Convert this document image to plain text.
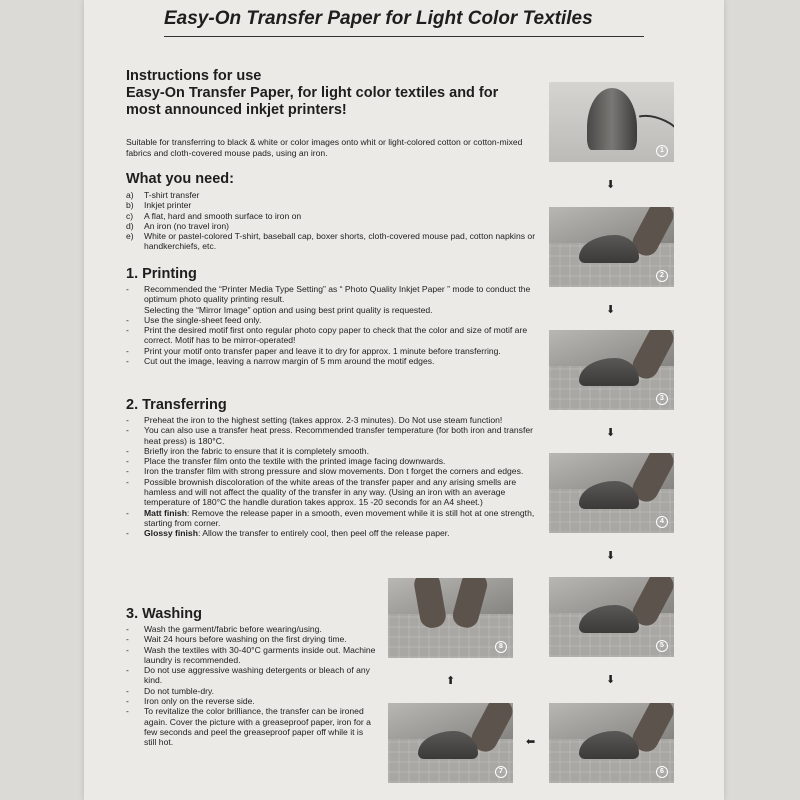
Easy-On Transfer Paper for Light Color Textiles
Instructions for use
Easy-On Transfer Paper, for light color textiles and for
most announced inkjet printers!
Suitable for transferring to black & white or color images onto whit or light-colored cotton or cotton-mixed fabrics and cloth-covered mouse pads, using an iron.
What you need:
a) T-shirt transfer
b) Inkjet printer
c) A flat, hard and smooth surface to iron on
d) An iron (no travel iron)
e) White or pastel-colored T-shirt, baseball cap, boxer shorts, cloth-covered mouse pad, cotton napkins or handkerchiefs, etc.
1. Printing
- Recommended the “Printer Media Type Setting” as “ Photo Quality Inkjet Paper ” mode to conduct the optimum photo quality printing result.
Selecting the “Mirror Image” option and using best print quality is requested.
- Use the single-sheet feed only.
- Print the desired motif first onto regular photo copy paper to check that the color and size of motif are correct. Motif has to be mirror-operated!
- Print your motif onto transfer paper and leave it to dry for approx. 1 minute before transferring.
- Cut out the image, leaving a narrow margin of 5 mm around the motif edges.
2. Transferring
- Preheat the iron to the highest setting (takes approx. 2-3 minutes). Do Not use steam function!
- You can also use a transfer heat press. Recommended transfer temperature (for both iron and transfer heat press) is 180°C.
- Briefly iron the fabric to ensure that it is completely smooth.
- Place the transfer film onto the textile with the printed image facing downwards.
- Iron the transfer film with strong pressure and slow movements. Don t forget the corners and edges.
- Possible brownish discoloration of the white areas of the transfer paper and any arising smells are hamless and will not affect the quality of the transfer in any way. (Using an iron with an average temperature of 180°C the handle duration takes approx. 15 -20 seconds for an A4 sheet.)
- Matt finish: Remove the release paper in a smooth, even movement while it is still hot at one strength, starting from corner.
- Glossy finish: Allow the transfer to entirely cool, then peel off the release paper.
3. Washing
- Wash the garment/fabric before wearing/using.
- Wait 24 hours before washing on the first drying time.
- Wash the textiles with 30-40°C garments inside out. Machine laundry is recommended.
- Do not use aggressive washing detergents or bleach of any kind.
- Do not tumble-dry.
- Iron only on the reverse side.
- To revitalize the color brilliance, the transfer can be ironed again. Cover the picture with a greaseproof paper, iron for a few seconds and peel the greaseproof paper off while it is still hot.
1
⬇
2
⬇
3
⬇
4
⬇
5
⬇
6
⬅
7
⬆
8
